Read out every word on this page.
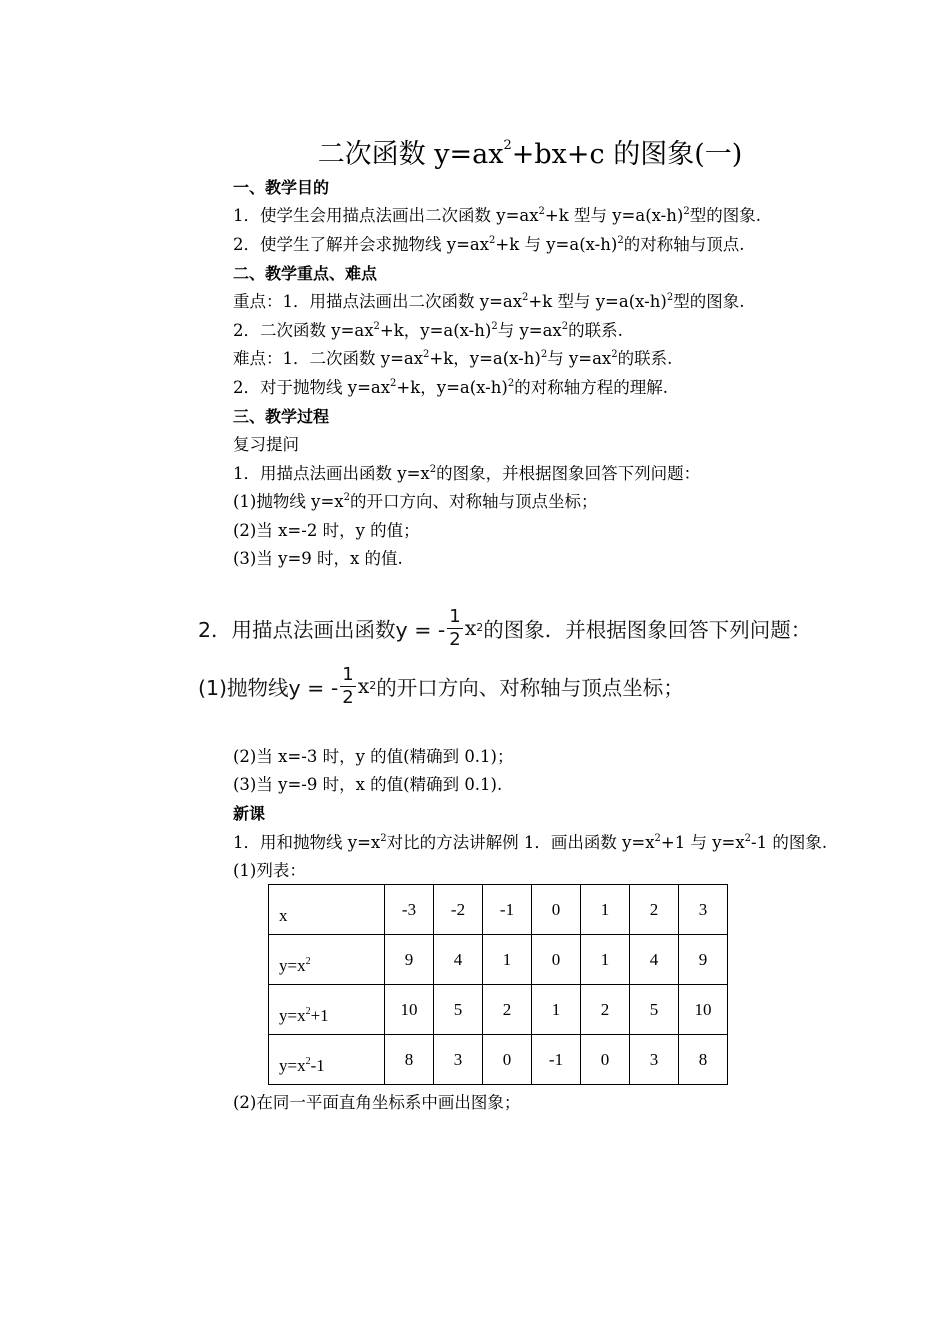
二次函数 $y=ax^2+bx+c$ 的图象(一)
一、教学目的
1．使学生会用描点法画出二次函数 $y=ax^2+k$ 型与 $y=a(x-h)^2$型的图象.
2．使学生了解并会求抛物线 $y=ax^2+k$ 与 $y=a(x-h)^2$的对称轴与顶点.
二、教学重点、难点
重点：1．用描点法画出二次函数 $y=ax^2+k$ 型与 $y=a(x-h)^2$型的图象.
2．二次函数 $y=ax^2+k$，$y=a(x-h)^2$与 $y=ax^2$的联系.
难点：1．二次函数 $y=ax^2+k$，$y=a(x-h)^2$与 $y=ax^2$的联系.
2．对于抛物线 $y=ax^2+k$，$y=a(x-h)^2$的对称轴方程的理解.
三、教学过程
复习提问
1．用描点法画出函数 $y=x^2$的图象，并根据图象回答下列问题：
(1)抛物线 $y=x^2$的开口方向、对称轴与顶点坐标；
(2)当 x=-2 时，y 的值；
(3)当 y=9 时，x 的值.
2．用描点法画出函数y = - $\frac{1}{2}$ x 2 的图象．并根据图象回答下列问题：
(1)抛物线y = - $\frac{1}{2}$ x 2 的开口方向、对称轴与顶点坐标；
(2)当 x=-3 时，y 的值(精确到 0.1)；
(3)当 y=-9 时，x 的值(精确到 0.1).
新课
1．用和抛物线 $y=x^2$对比的方法讲解例 1．画出函数 $y=x^2+1$ 与 $y=x^2-1$ 的图象.
(1)列表：
x	-3	-2	-1	0	1	2	3
$y=x^2$	9	4	1	0	1	4	9
$y=x^2+1$	10	5	2	1	2	5	10
$y=x^2-1$	8	3	0	-1	0	3	8
(2)在同一平面直角坐标系中画出图象；
